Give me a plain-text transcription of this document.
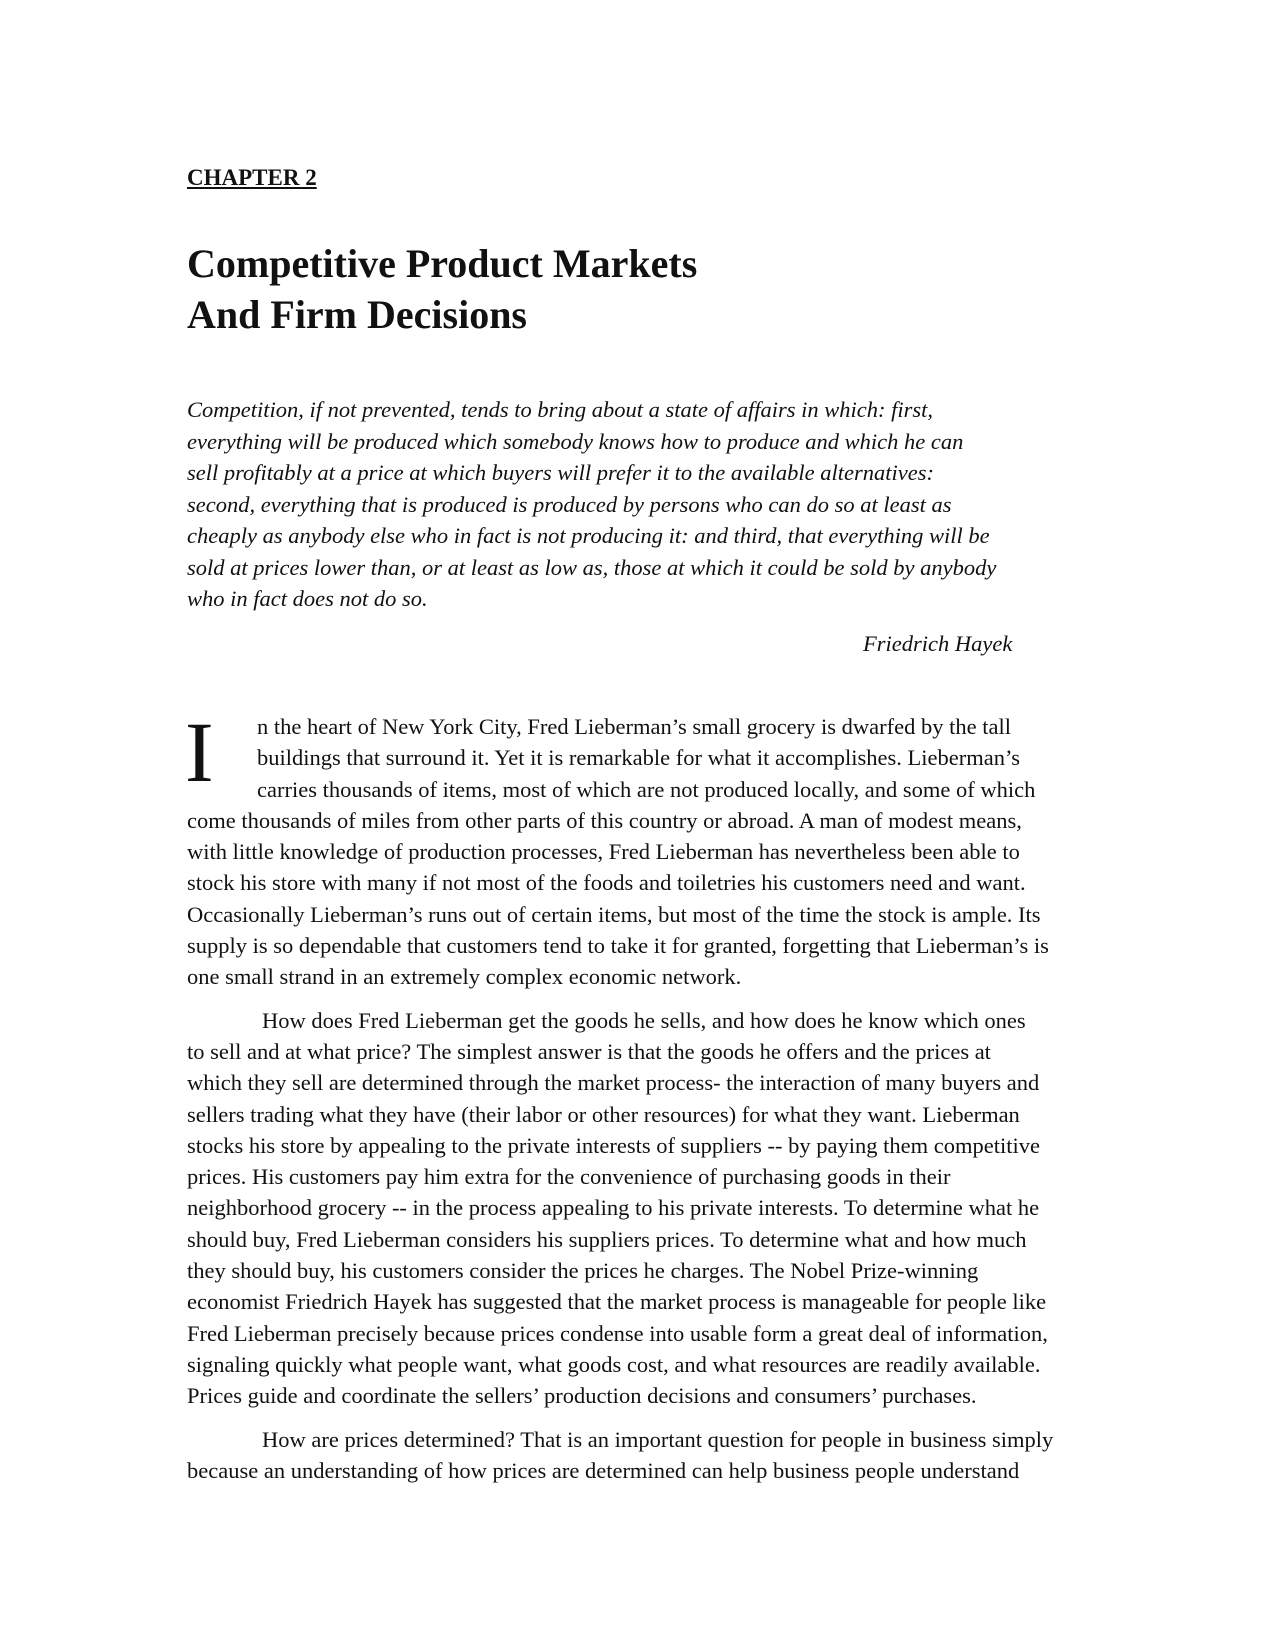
CHAPTER 2
Competitive Product Markets
And Firm Decisions

Competition, if not prevented, tends to bring about a state of affairs in which: first,
everything will be produced which somebody knows how to produce and which he can
sell profitably at a price at which buyers will prefer it to the available alternatives:
second, everything that is produced is produced by persons who can do so at least as
cheaply as anybody else who in fact is not producing it: and third, that everything will be
sold at prices lower than, or at least as low as, those at which it could be sold by anybody
who in fact does not do so.

Friedrich Hayek

I	n the heart of New York City, Fred Lieberman’s small grocery is dwarfed by the tall
buildings that surround it. Yet it is remarkable for what it accomplishes. Lieberman’s
carries thousands of items, most of which are not produced locally, and some of which
come thousands of miles from other parts of this country or abroad. A man of modest means,
with little knowledge of production processes, Fred Lieberman has nevertheless been able to
stock his store with many if not most of the foods and toiletries his customers need and want.
Occasionally Lieberman’s runs out of certain items, but most of the time the stock is ample. Its
supply is so dependable that customers tend to take it for granted, forgetting that Lieberman’s is
one small strand in an extremely complex economic network.

How does Fred Lieberman get the goods he sells, and how does he know which ones
to sell and at what price? The simplest answer is that the goods he offers and the prices at
which they sell are determined through the market process- the interaction of many buyers and
sellers trading what they have (their labor or other resources) for what they want. Lieberman
stocks his store by appealing to the private interests of suppliers -- by paying them competitive
prices. His customers pay him extra for the convenience of purchasing goods in their
neighborhood grocery -- in the process appealing to his private interests. To determine what he
should buy, Fred Lieberman considers his suppliers prices. To determine what and how much
they should buy, his customers consider the prices he charges. The Nobel Prize-winning
economist Friedrich Hayek has suggested that the market process is manageable for people like
Fred Lieberman precisely because prices condense into usable form a great deal of information,
signaling quickly what people want, what goods cost, and what resources are readily available.
Prices guide and coordinate the sellers’ production decisions and consumers’ purchases.

How are prices determined? That is an important question for people in business simply
because an understanding of how prices are determined can help business people understand
